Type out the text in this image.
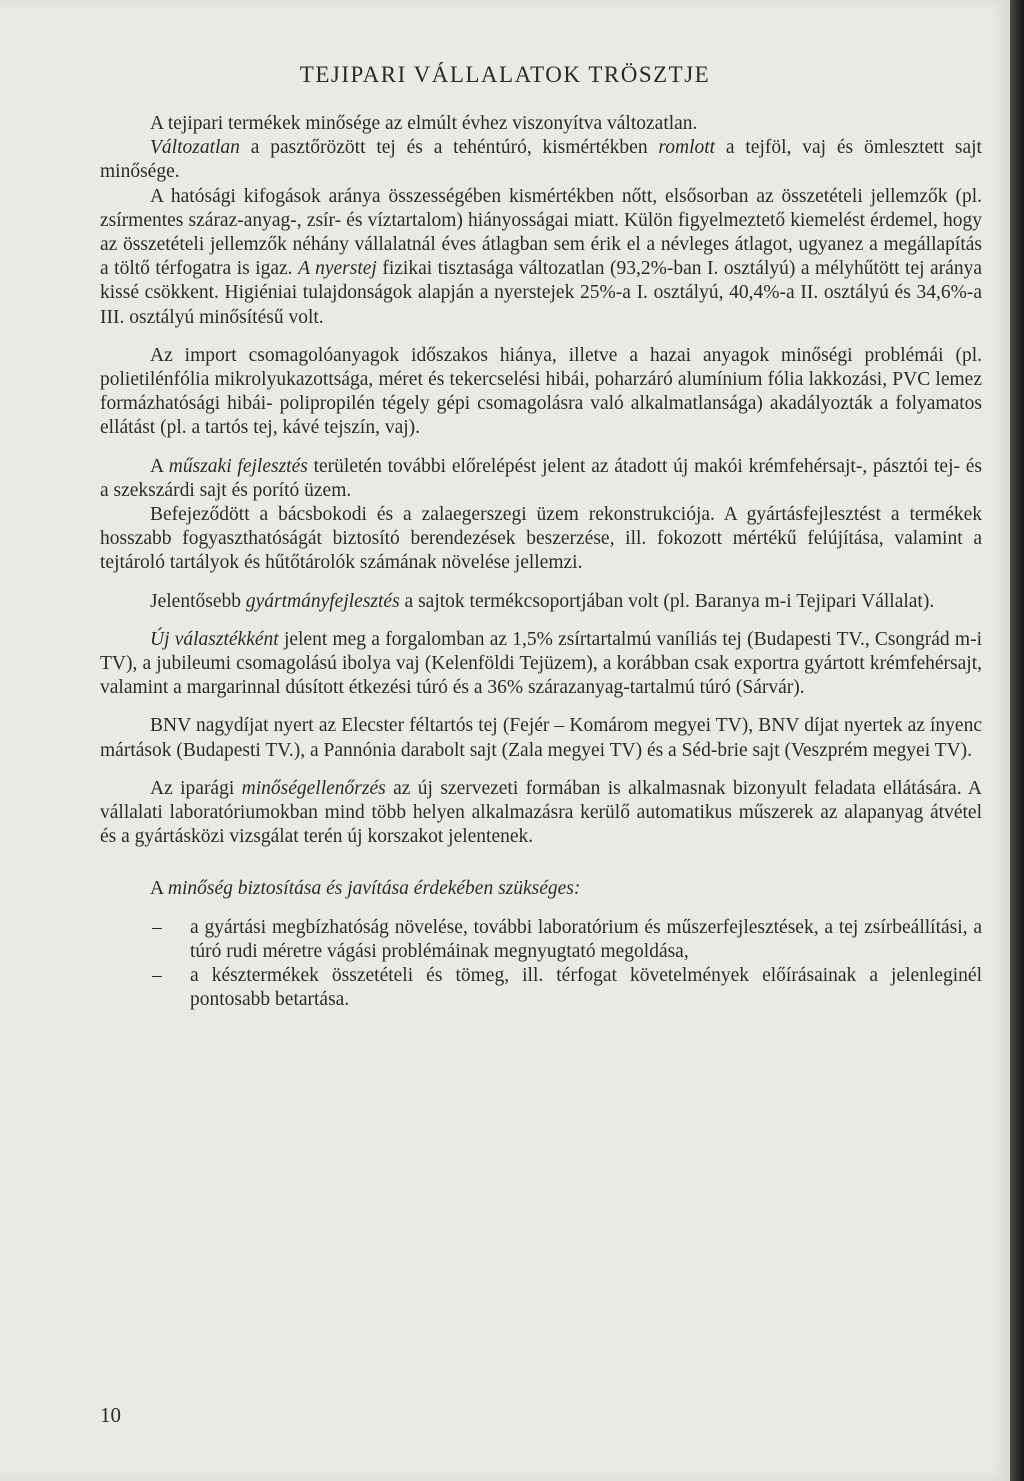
TEJIPARI VÁLLALATOK TRÖSZTJE

A tejipari termékek minősége az elmúlt évhez viszonyítva változatlan.

Változatlan a pasztőrözött tej és a tehéntúró, kismértékben romlott a tejföl, vaj és ömlesztett sajt minősége.

A hatósági kifogások aránya összességében kismértékben nőtt, elsősorban az összetételi jellemzők (pl. zsírmentes száraz-anyag-, zsír- és víztartalom) hiányosságai miatt. Külön figyelmeztető kiemelést érdemel, hogy az összetételi jellemzők néhány vállalatnál éves átlagban sem érik el a névleges átlagot, ugyanez a megállapítás a töltő térfogatra is igaz. A nyerstej fizikai tisztasága változatlan (93,2%-ban I. osztályú) a mélyhűtött tej aránya kissé csökkent. Higiéniai tulajdonságok alapján a nyerstejek 25%-a I. osztályú, 40,4%-a II. osztályú és 34,6%-a III. osztályú minősítésű volt.

Az import csomagolóanyagok időszakos hiánya, illetve a hazai anyagok minőségi problémái (pl. polietilénfólia mikrolyukazottsága, méret és tekercselési hibái, poharzáró alumínium fólia lakkozási, PVC lemez formázhatósági hibái- polipropilén tégely gépi csomagolásra való alkalmatlansága) akadályozták a folyamatos ellátást (pl. a tartós tej, kávé tejszín, vaj).

A műszaki fejlesztés területén további előrelépést jelent az átadott új makói krémfehérsajt-, pásztói tej- és a szekszárdi sajt és porító üzem.

Befejeződött a bácsbokodi és a zalaegerszegi üzem rekonstrukciója. A gyártásfejlesztést a termékek hosszabb fogyaszthatóságát biztosító berendezések beszerzése, ill. fokozott mértékű felújítása, valamint a tejtároló tartályok és hűtőtárolók számának növelése jellemzi.

Jelentősebb gyártmányfejlesztés a sajtok termékcsoportjában volt (pl. Baranya m-i Tejipari Vállalat).

Új választékként jelent meg a forgalomban az 1,5% zsírtartalmú vaníliás tej (Budapesti TV., Csongrád m-i TV), a jubileumi csomagolású ibolya vaj (Kelenföldi Tejüzem), a korábban csak exportra gyártott krémfehérsajt, valamint a margarinnal dúsított étkezési túró és a 36% szárazanyag-tartalmú túró (Sárvár).

BNV nagydíjat nyert az Elecster féltartós tej (Fejér – Komárom megyei TV), BNV díjat nyertek az ínyenc mártások (Budapesti TV.), a Pannónia darabolt sajt (Zala megyei TV) és a Séd-brie sajt (Veszprém megyei TV).

Az iparági minőségellenőrzés az új szervezeti formában is alkalmasnak bizonyult feladata ellátására. A vállalati laboratóriumokban mind több helyen alkalmazásra kerülő automatikus műszerek az alapanyag átvétel és a gyártásközi vizsgálat terén új korszakot jelentenek.

A minőség biztosítása és javítása érdekében szükséges:

– a gyártási megbízhatóság növelése, további laboratórium és műszerfejlesztések, a tej zsírbeállítási, a túró rudi méretre vágási problémáinak megnyugtató megoldása,
– a késztermékek összetételi és tömeg, ill. térfogat követelmények előírásainak a jelenleginél pontosabb betartása.
10
